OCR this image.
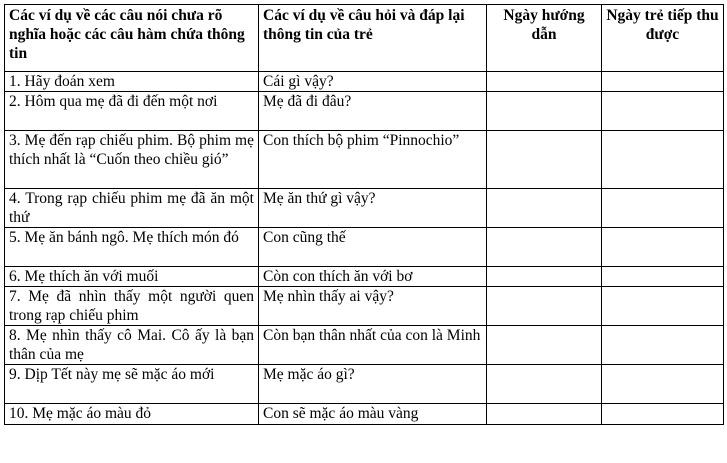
Các ví dụ về các câu nói chưa rõ nghĩa hoặc các câu hàm chứa thông tin	Các ví dụ về câu hỏi và đáp lại thông tin của trẻ	Ngày hướng dẫn	Ngày trẻ tiếp thu được
1. Hãy đoán xem	Cái gì vậy?		
2. Hôm qua mẹ đã đi đến một nơi	Mẹ đã đi đâu?		
3. Mẹ đến rạp chiếu phim. Bộ phim mẹ thích nhất là “Cuốn theo chiều gió”	Con thích bộ phim “Pinnochio”		
4. Trong rạp chiếu phim mẹ đã ăn một thứ	Mẹ ăn thứ gì vậy?		
5. Mẹ ăn bánh ngô. Mẹ thích món đó	Con cũng thế		
6. Mẹ thích ăn với muối	Còn con thích ăn với bơ		
7. Mẹ đã nhìn thấy một người quen trong rạp chiếu phim	Mẹ nhìn thấy ai vậy?		
8. Mẹ nhìn thấy cô Mai. Cô ấy là bạn thân của mẹ	Còn bạn thân nhất của con là Minh		
9. Dịp Tết này mẹ sẽ mặc áo mới	Mẹ mặc áo gì?		
10. Mẹ mặc áo màu đỏ	Con sẽ mặc áo màu vàng		
